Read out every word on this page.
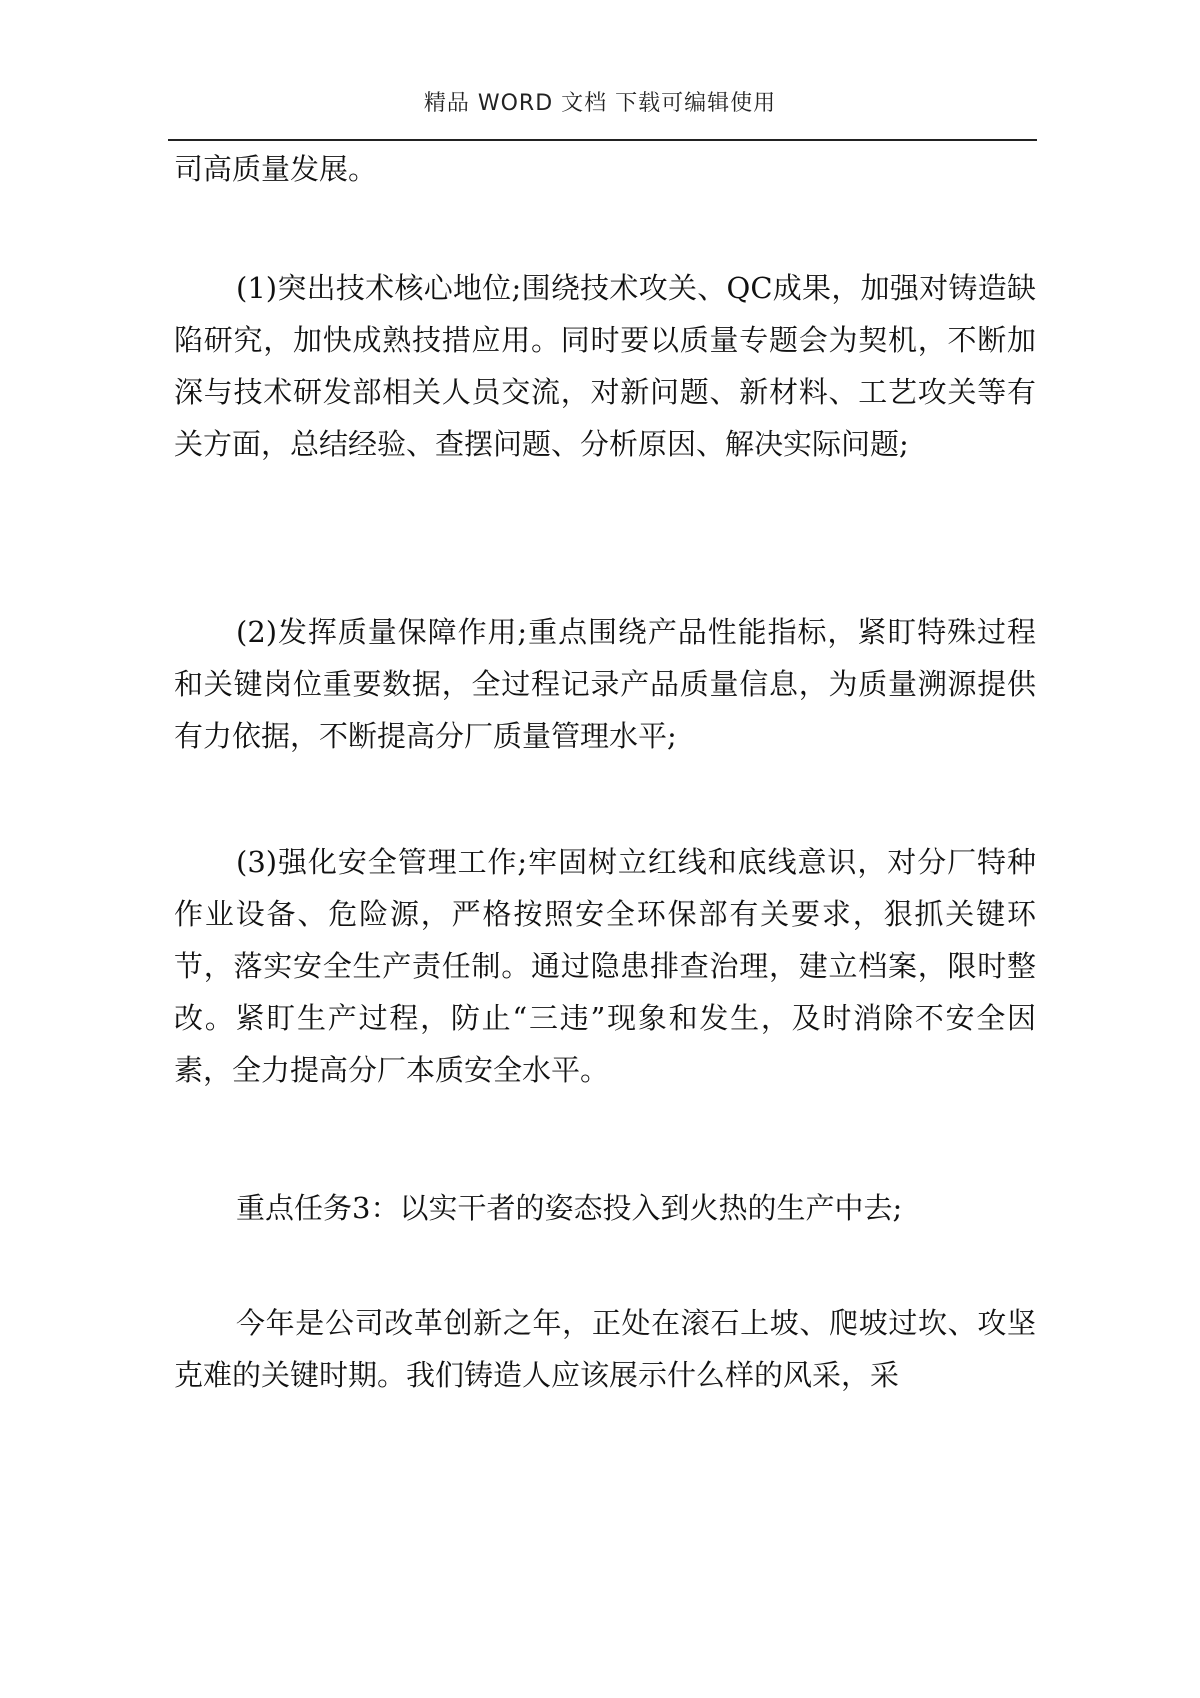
精品 WORD 文档 下载可编辑使用

司高质量发展。

(1)突出技术核心地位;围绕技术攻关、QC成果，加强对铸造缺陷研究，加快成熟技措应用。同时要以质量专题会为契机，不断加深与技术研发部相关人员交流，对新问题、新材料、工艺攻关等有关方面，总结经验、查摆问题、分析原因、解决实际问题;

(2)发挥质量保障作用;重点围绕产品性能指标，紧盯特殊过程和关键岗位重要数据，全过程记录产品质量信息，为质量溯源提供有力依据，不断提高分厂质量管理水平;

(3)强化安全管理工作;牢固树立红线和底线意识，对分厂特种作业设备、危险源，严格按照安全环保部有关要求，狠抓关键环节，落实安全生产责任制。通过隐患排查治理，建立档案，限时整改。紧盯生产过程，防止“三违”现象和发生，及时消除不安全因素，全力提高分厂本质安全水平。

重点任务3：以实干者的姿态投入到火热的生产中去;

今年是公司改革创新之年，正处在滚石上坡、爬坡过坎、攻坚克难的关键时期。我们铸造人应该展示什么样的风采，采
